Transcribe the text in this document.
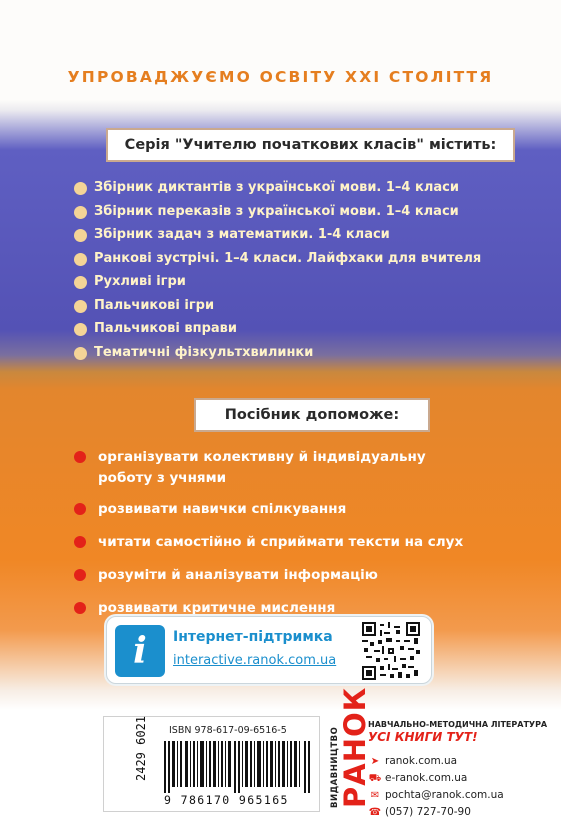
УПРОВАДЖУЄМО ОСВІТУ ХХІ СТОЛІТТЯ
Серія "Учителю початкових класів" містить:
Збірник диктантів з української мови. 1–4 класи
Збірник переказів з української мови. 1–4 класи
Збірник задач з математики. 1-4 класи
Ранкові зустрічі. 1–4 класи. Лайфхаки для вчителя
Рухливі ігри
Пальчикові ігри
Пальчикові вправи
Тематичні фізкультхвилинки
Посібник допоможе:
організувати колективну й індивідуальну роботу з учнями
розвивати навички спілкування
читати самостійно й сприймати тексти на слух
розуміти й аналізувати інформацію
розвивати критичне мислення
i	Інтернет-підтримка
interactive.ranok.com.ua
ISBN 978-617-09-6516-5
2429 6021
9 786170 965165	ВИДАВНИЦТВО
РАНОК
НАВЧАЛЬНО-МЕТОДИЧНА ЛІТЕРАТУРА
УСІ КНИГИ ТУТ!
➤ ranok.com.ua
⛟ e-ranok.com.ua
✉ pochta@ranok.com.ua
☎ (057) 727-70-90
